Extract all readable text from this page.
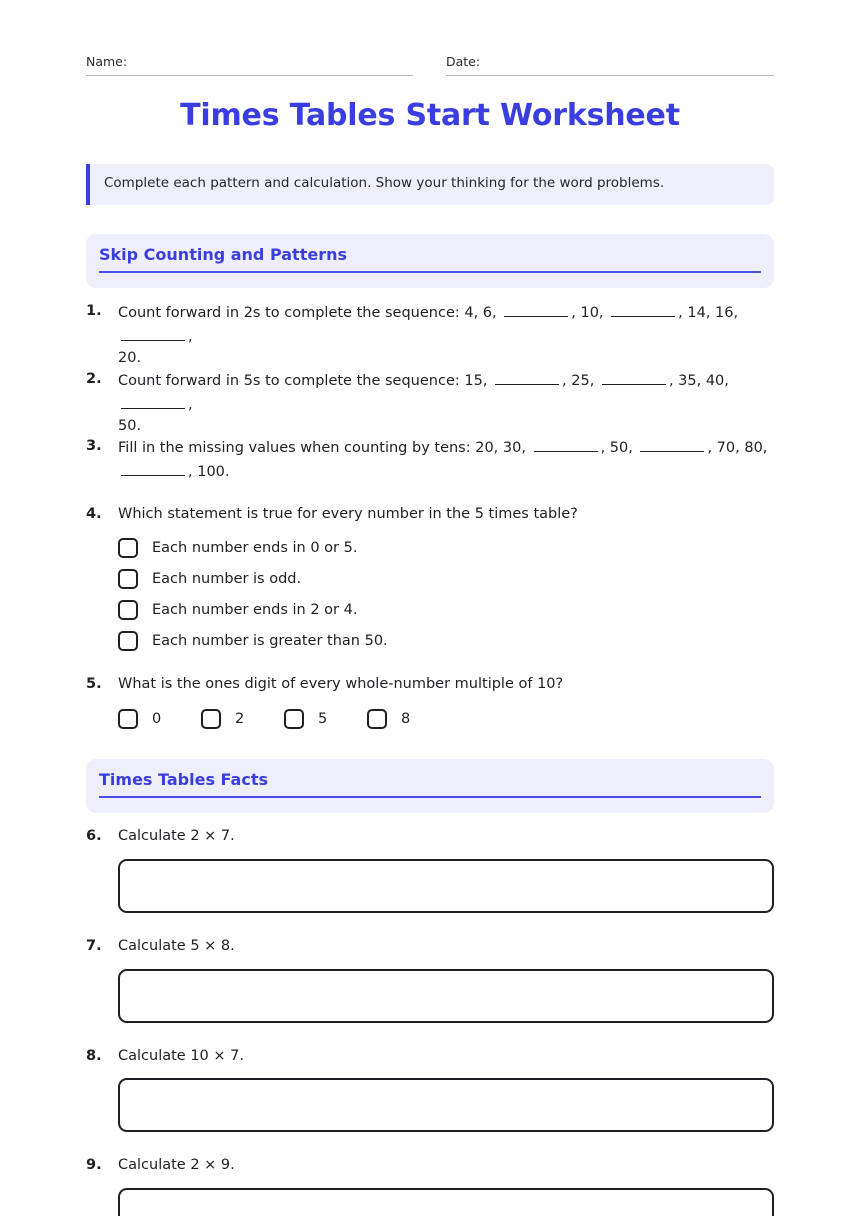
Name:	Date:
Times Tables Start Worksheet
Complete each pattern and calculation. Show your thinking for the word problems.
Skip Counting and Patterns
1. Count forward in 2s to complete the sequence: 4, 6,	, 10,	, 14, 16, ,
20.
2. Count forward in 5s to complete the sequence: 15,	, 25,	, 35, 40, ,
50.
3. Fill in the missing values when counting by tens: 20, 30,	, 50,	, 70, 80,
, 100.
4. Which statement is true for every number in the 5 times table?
Each number ends in 0 or 5.
Each number is odd.
Each number ends in 2 or 4.
Each number is greater than 50.
5. What is the ones digit of every whole-number multiple of 10?
0	2	5	8
Times Tables Facts
6. Calculate 2 × 7.
7. Calculate 5 × 8.
8. Calculate 10 × 7.
9. Calculate 2 × 9.
